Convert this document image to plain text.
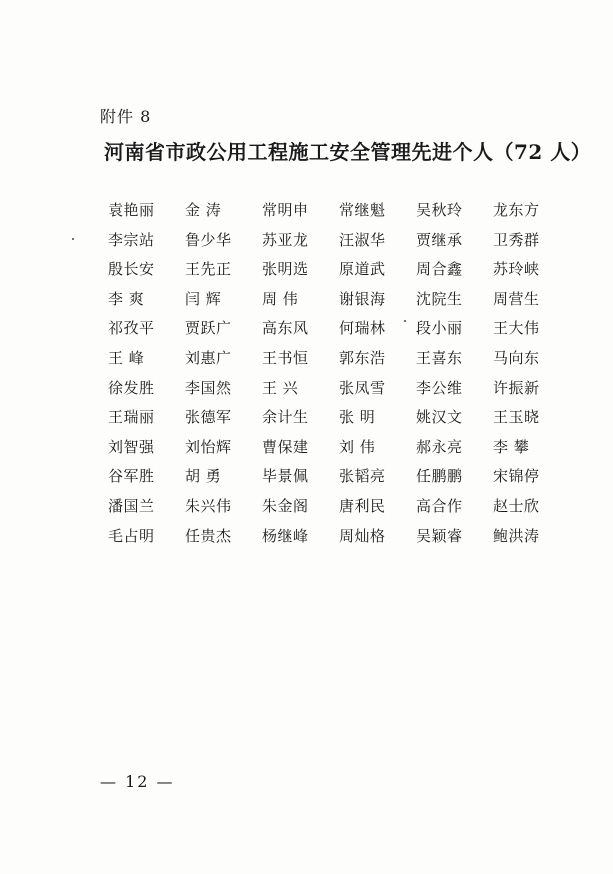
附件 8
河南省市政公用工程施工安全管理先进个人（72 人）
袁艳丽	金 涛	常明申	常继魁	吴秋玲	龙东方
李宗站	鲁少华	苏亚龙	汪淑华	贾继承	卫秀群
殷长安	王先正	张明选	原道武	周合鑫	苏玲峡
李 爽	闫 辉	周 伟	谢银海	沈院生	周营生
祁孜平	贾跃广	高东风	何瑞林	段小丽	王大伟
王 峰	刘惠广	王书恒	郭东浩	王喜东	马向东
徐发胜	李国然	王 兴	张凤雪	李公维	许振新
王瑞丽	张德军	余计生	张 明	姚汉文	王玉晓
刘智强	刘怡辉	曹保建	刘 伟	郝永亮	李 攀
谷军胜	胡 勇	毕景佩	张韬亮	任鹏鹏	宋锦停
潘国兰	朱兴伟	朱金阁	唐利民	高合作	赵士欣
毛占明	任贵杰	杨继峰	周灿格	吴颖睿	鲍洪涛
— 12 —
